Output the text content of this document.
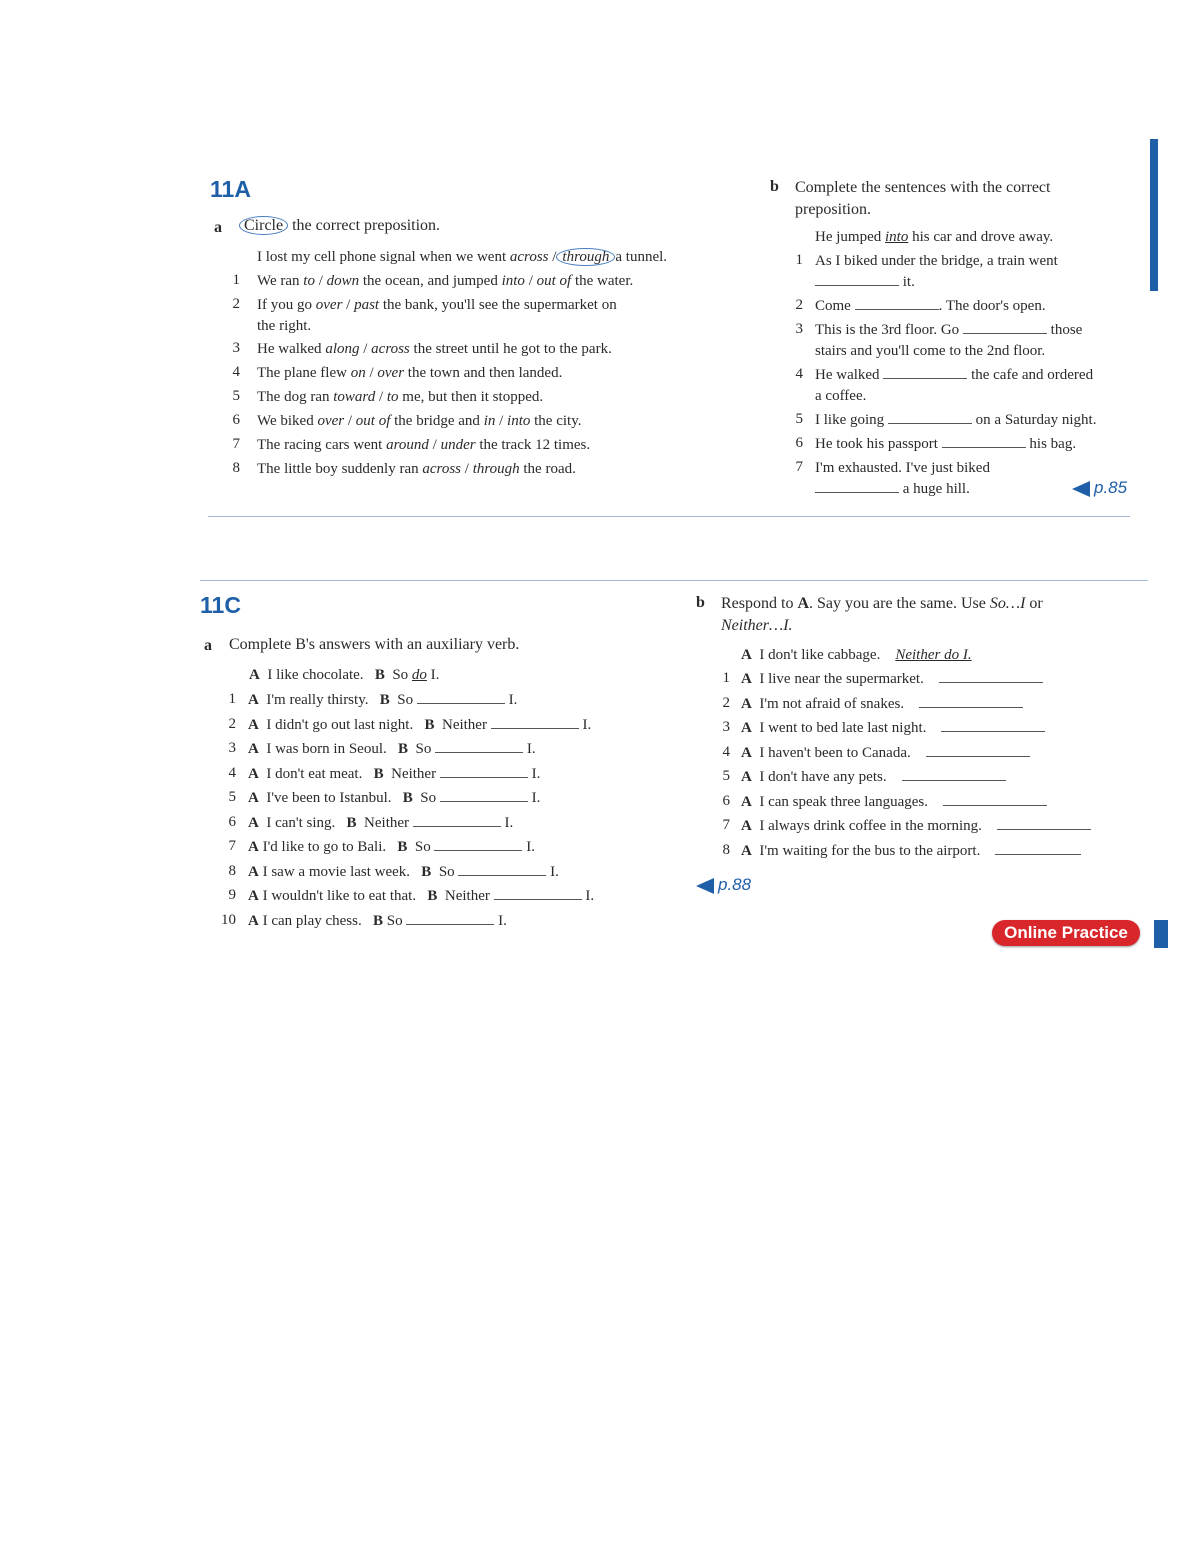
11A
a	Circle the correct preposition.
I lost my cell phone signal when we went across / through a tunnel.
1 We ran to / down the ocean, and jumped into / out of the water.
2 If you go over / past the bank, you'll see the supermarket on
the right.
3 He walked along / across the street until he got to the park.
4 The plane flew on / over the town and then landed.
5 The dog ran toward / to me, but then it stopped.
6 We biked over / out of the bridge and in / into the city.
7 The racing cars went around / under the track 12 times.
8 The little boy suddenly ran across / through the road.
b Complete the sentences with the correct
preposition.
He jumped into his car and drove away.
1 As I biked under the bridge, a train went
it.
2 Come	. The door's open.
3 This is the 3rd floor. Go	those
stairs and you'll come to the 2nd floor.
4 He walked	the cafe and ordered
a coffee.
5 I like going	on a Saturday night.
6 He took his passport	his bag.
7 I'm exhausted. I've just biked
a huge hill.	p.85
11C
a Complete B's answers with an auxiliary verb.
A I like chocolate. B So do I.
1 A I'm really thirsty. B So	I.
2 A I didn't go out last night. B Neither	I.
3 A I was born in Seoul. B So	I.
4 A I don't eat meat. B Neither	I.
5 A I've been to Istanbul. B So	I.
6 A I can't sing. B Neither	I.
7 A I'd like to go to Bali. B So	I.
8 A I saw a movie last week. B So	I.
9 A I wouldn't like to eat that. B Neither	I.
10 A I can play chess. B So	I.
b Respond to A. Say you are the same. Use So…I or
Neither…I.
A I don't like cabbage. Neither do I.
1 A I live near the supermarket.
2 A I'm not afraid of snakes.
3 A I went to bed late last night.
4 A I haven't been to Canada.
5 A I don't have any pets.
6 A I can speak three languages.
7 A I always drink coffee in the morning.
8 A I'm waiting for the bus to the airport.
p.88
Online Practice
